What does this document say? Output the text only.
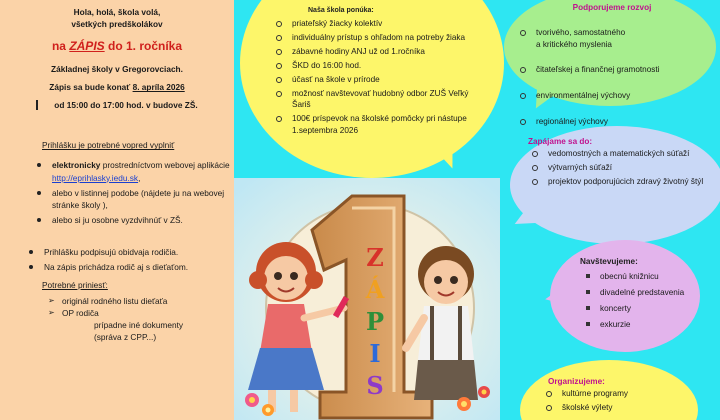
Hola, holá, škola volá,
všetkých predškolákov
na ZÁPIS do 1. ročníka
Základnej školy v Gregorovciach.
Zápis sa bude konať 8. apríla 2026
od 15:00 do 17:00 hod. v budove ZŠ.
Prihlášku je potrebné vopred vyplniť
elektronicky prostredníctvom webovej aplikácie http://eprihlasky.iedu.sk,
alebo v listinnej podobe (nájdete ju na webovej stránke školy ),
alebo si ju osobne vyzdvihnúť v ZŠ.
Prihlášku podpisujú obidvaja rodičia.
Na zápis prichádza rodič aj s dieťaťom.
Potrebné priniesť:
➢ originál rodného listu dieťaťa
➢ OP rodiča
prípadne iné dokumenty
(správa z CPP...)
Naša škola ponúka:
priateľský žiacky kolektív
individuálny prístup s ohľadom na potreby žiaka
zábavné hodiny ANJ už od 1.ročníka
ŠKD do 16:00 hod.
účasť na škole v prírode
možnosť navštevovať hudobný odbor ZUŠ Veľký Šariš
100€ príspevok na školské pomôcky pri nástupe 1.septembra 2026
Podporujeme rozvoj

tvorivého, samostatného
a kritického myslenia

čitateľskej a finančnej gramotnosti

environmentálnej výchovy

regionálnej výchovy

Zapájame sa do:
vedomostných a matematických súťaží
výtvarných súťaží
projektov podporujúcich zdravý životný štýl
Navštevujeme:
obecnú knižnicu
divadelné predstavenia
koncerty
exkurzie
Organizujeme:
kultúrne programy
školské výlety
Z
Á
P
I
S
